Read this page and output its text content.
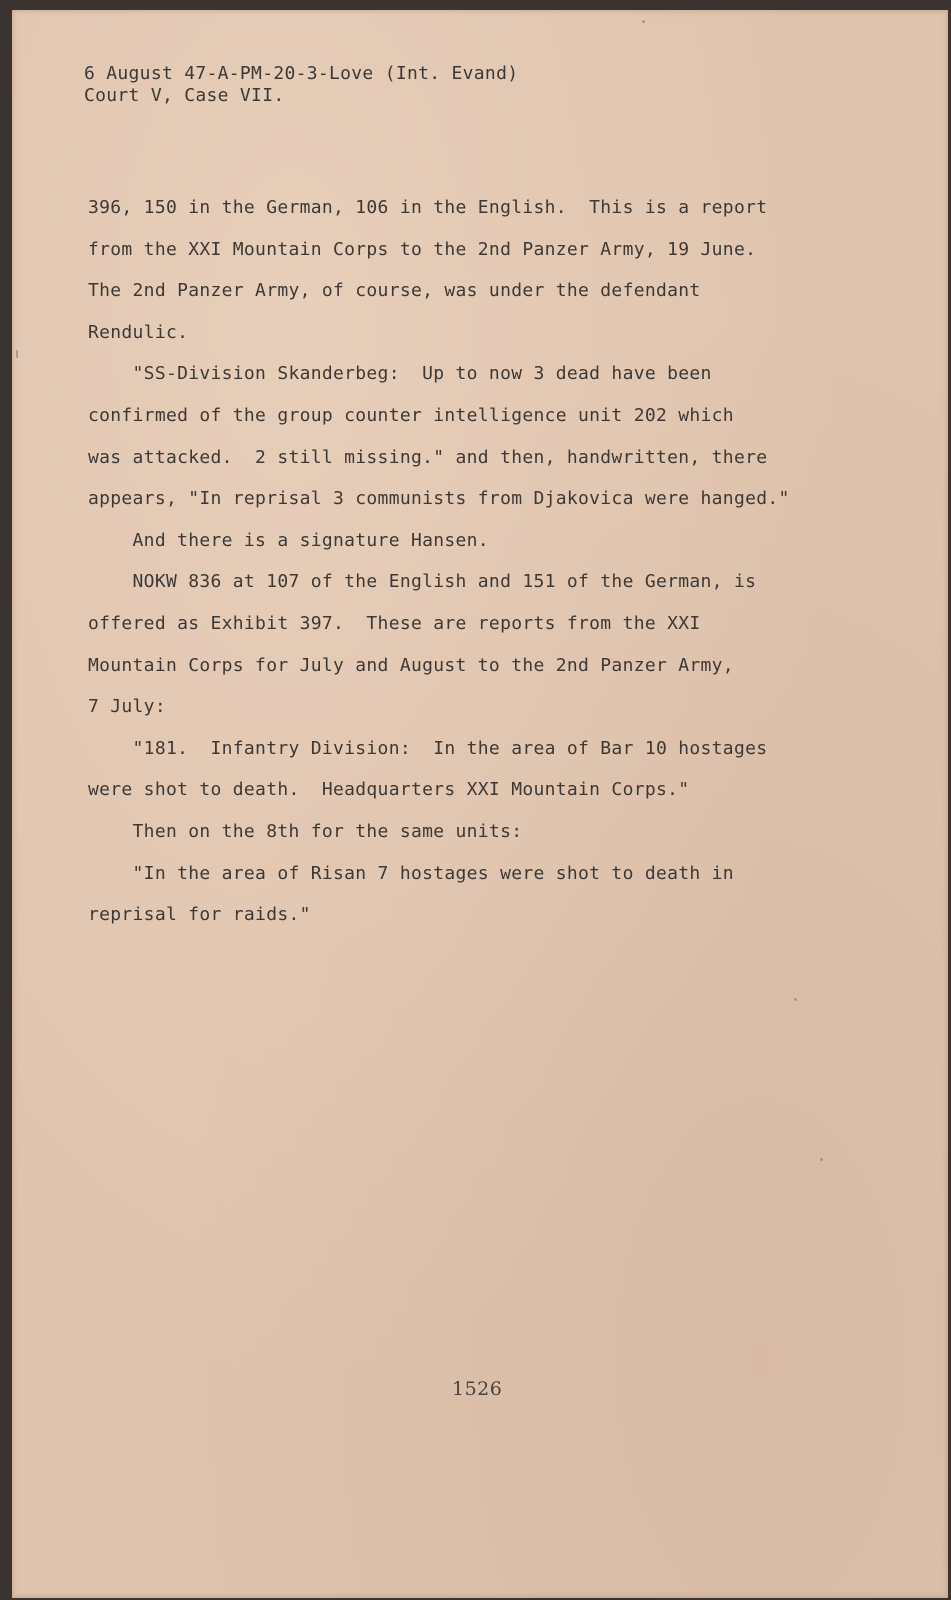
6 August 47-A-PM-20-3-Love (Int. Evand)
Court V, Case VII.
396, 150 in the German, 106 in the English.  This is a report
from the XXI Mountain Corps to the 2nd Panzer Army, 19 June.
The 2nd Panzer Army, of course, was under the defendant
Rendulic.
"SS-Division Skanderbeg:  Up to now 3 dead have been
confirmed of the group counter intelligence unit 202 which
was attacked.  2 still missing." and then, handwritten, there
appears, "In reprisal 3 communists from Djakovica were hanged."
And there is a signature Hansen.
NOKW 836 at 107 of the English and 151 of the German, is
offered as Exhibit 397.  These are reports from the XXI
Mountain Corps for July and August to the 2nd Panzer Army,
7 July:
"181.  Infantry Division:  In the area of Bar 10 hostages
were shot to death.  Headquarters XXI Mountain Corps."
Then on the 8th for the same units:
"In the area of Risan 7 hostages were shot to death in
reprisal for raids."
1526
